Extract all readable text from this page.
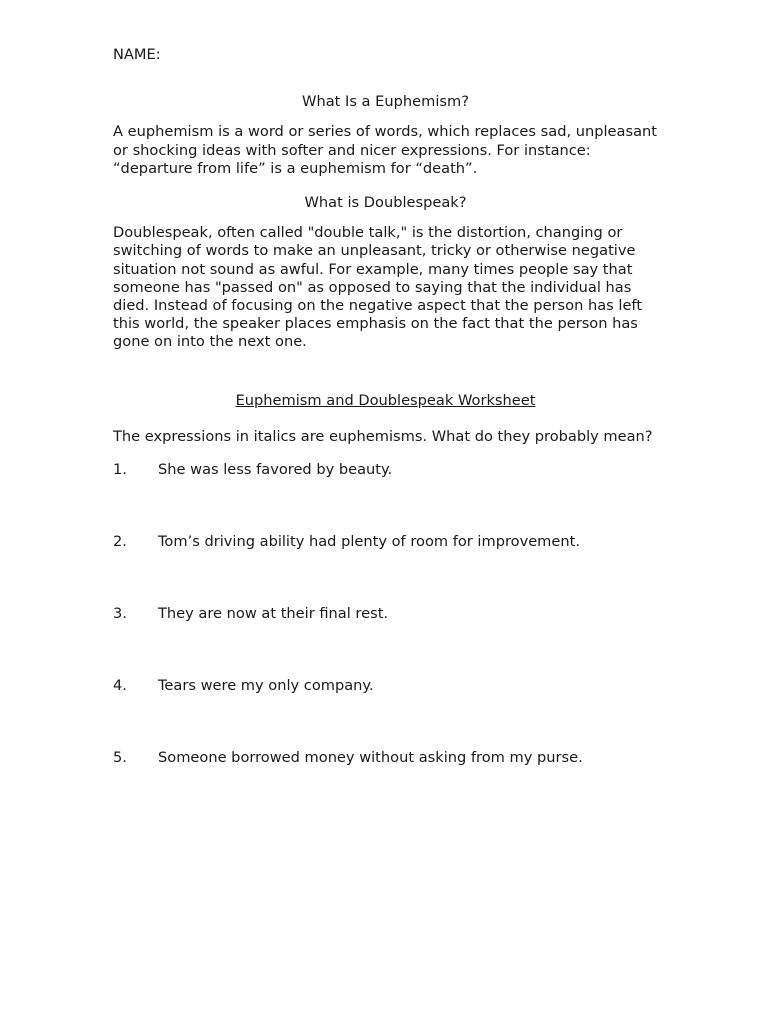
NAME:

What Is a Euphemism?

A euphemism is a word or series of words, which replaces sad, unpleasant or shocking ideas with softer and nicer expressions. For instance: “departure from life” is a euphemism for “death”.

What is Doublespeak?

Doublespeak, often called "double talk," is the distortion, changing or switching of words to make an unpleasant, tricky or otherwise negative situation not sound as awful. For example, many times people say that someone has "passed on" as opposed to saying that the individual has died. Instead of focusing on the negative aspect that the person has left this world, the speaker places emphasis on the fact that the person has gone on into the next one.

Euphemism and Doublespeak Worksheet

The expressions in italics are euphemisms. What do they probably mean?

1.	She was less favored by beauty.
2.	Tom’s driving ability had plenty of room for improvement.
3.	They are now at their final rest.
4.	Tears were my only company.
5.	Someone borrowed money without asking from my purse.
